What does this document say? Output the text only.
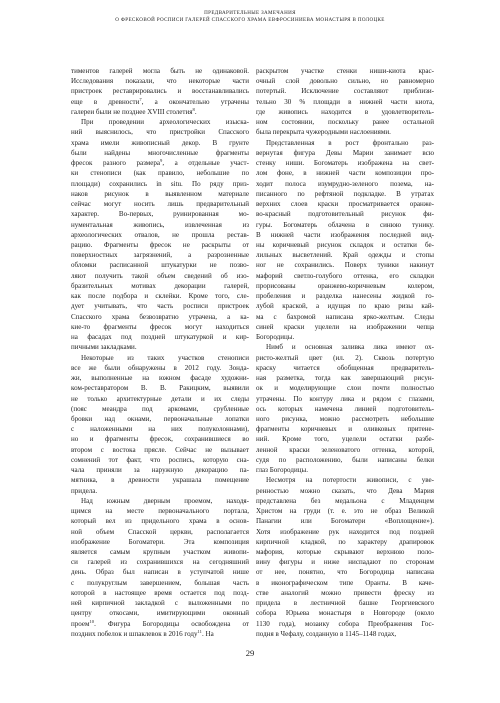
ПРЕДВАРИТЕЛЬНЫЕ ЗАМЕЧАНИЯ
О ФРЕСКОВОЙ РОСПИСИ ГАЛЕРЕЙ СПАССКОГО ХРАМА ЕВФРОСИНИЕВА МОНАСТЫРЯ В ПОЛОЦКЕ
тиментов галерей могла быть не одинаковой.
Исследования показали, что некоторые части
пристроек реставрировались и восстанавливались
еще в древности$^7$, а окончательно утрачены
галереи были не позднее XVIII столетия$^8$.
При проведении археологических изыска-
ний выяснилось, что пристройки Спасского
храма имели живописный декор. В грунте
были найдены многочисленные фрагменты
фресок разного размера$^9$, а отдельные участ-
ки стенописи (как правило, небольшие по
площади) сохранились in situ. По ряду приз-
наков рисунок в выявленном материале
сейчас могут носить лишь предварительный
характер. Во-первых, руинированная мо-
нументальная живопись, извлеченная из
археологических отвалов, не прошла рестав-
рацию. Фрагменты фресок не раскрыты от
поверхностных загрязнений, а разрозненные
обломки расписанной штукатурки не позво-
ляют получить такой объем сведений об изо-
бразительных мотивах декорации галерей,
как после подбора и склейки. Кроме того, сле-
дует учитывать, что часть росписи пристроек
Спасского храма безвозвратно утрачена, а ка-
кие-то фрагменты фресок могут находиться
на фасадах под поздней штукатуркой и кир-
пичными закладками.
Некоторые из таких участков стенописи
все же были обнаружены в 2012 году. Зонда-
жи, выполненные на южном фасаде художни-
ком-реставратором В. В. Ракицким, выявили
не только архитектурные детали и их следы
(пояс меандра под аркомами, срубленные
бровки над окнами, первоначальные лопатки
с наложенными на них полуколоннами),
но и фрагменты фресок, сохранившиеся во
втором с востока прясле. Сейчас не вызывает
сомнений тот факт, что роспись, которую сна-
чала приняли за наружную декорацию па-
мятника, в древности украшала помещение
придела.
Над южным дверным проемом, находя-
щимся на месте первоначального портала,
который вел из придельного храма в основ-
ной объем Спасской церкви, располагается
изображение Богоматери. Эта композиция
является самым крупным участком живопи-
си галерей из сохранившихся на сегодняшний
день. Образ был написан в уступчатой нише
с полукруглым завершением, большая часть
которой в настоящее время остается под позд-
ней кирпичной закладкой с выложенными по
центру откосами, имитирующими оконный
проем$^{10}$. Фигура Богородицы освобождена от
поздних побелок и шпаклевок в 2016 году$^{11}$. На
раскрытом участке стенки ниши-киота крас-
очный слой довольно сильно, но равномерно
потертый. Исключение составляют приблизи-
тельно 30 % площади в нижней части киота,
где живопись находится в удовлетворитель-
ном состоянии, поскольку ранее остальной
была перекрыта чужеродными наслоениями.
Представленная в рост фронтально раз-
вернутая фигура Девы Марии занимает всю
стенку ниши. Богоматерь изображена на свет-
лом фоне, в нижней части композиции про-
ходит полоса изумрудно-зеленого позема, на-
писанного по рефтяной подкладке. В утратах
верхних слоев краски просматривается оранже-
во-красный подготовительный рисунок фи-
гуры. Богоматерь облачена в синюю тунику.
В нижней части изображения последней вид-
ны коричневый рисунок складок и остатки бе-
лильных высветлений. Край одежды и стопы
ног не сохранились. Поверх туники накинут
мафорий светло-голубого оттенка, его складки
прорисованы оранжево-коричневым колером,
пробеления и разделка нанесены жидкой го-
лубой краской, а идущая по краю ризы кай-
ма с бахромой написана ярко-желтым. Следы
синей краски уцелели на изображении чепца
Богородицы.
Нимб и основная заливка лика имеют ох-
ристо-желтый цвет (ил. 2). Сквозь потертую
краску читается обобщенная предваритель-
ная разметка, тогда как завершающий рисун-
ок и моделирующие слои почти полностью
утрачены. По контуру лика и рядом с глазами,
ось которых намечена линией подготовитель-
ного рисунка, можно рассмотреть небольшие
фрагменты коричневых и оливковых притене-
ний. Кроме того, уцелели остатки разбе-
ленной краски зеленоватого оттенка, которой,
судя по расположению, были написаны белки
глаз Богородицы.
Несмотря на потертости живописи, с уве-
ренностью можно сказать, что Дева Мария
представлена без медальона с Младенцем
Христом на груди (т. е. это не образ Великой
Панагии или Богоматери «Воплощение»).
Хотя изображение рук находится под поздней
кирпичной кладкой, по характеру драпировок
мафория, которые скрывают верхнюю поло-
вину фигуры и ниже ниспадают по сторонам
от нее, понятно, что Богородица написана
в иконографическом типе Оранты. В каче-
стве аналогий можно привести фреску из
придела в лестничной башне Георгиевского
собора Юрьева монастыря в Новгороде (около
1130 года), мозаику собора Преображения Гос-
подня в Чефалу, созданную в 1145–1148 годах,
29
